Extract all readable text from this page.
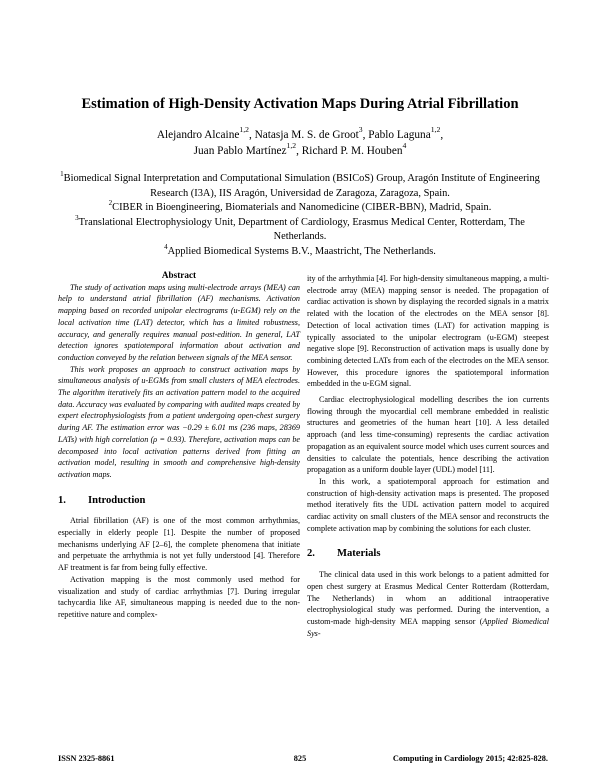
Estimation of High-Density Activation Maps During Atrial Fibrillation
Alejandro Alcaine$^{1,2}$, Natasja M. S. de Groot$^3$, Pablo Laguna$^{1,2}$,
Juan Pablo Martínez$^{1,2}$, Richard P. M. Houben$^4$
$^1$Biomedical Signal Interpretation and Computational Simulation (BSICoS) Group, Aragón Institute of Engineering Research (I3A), IIS Aragón, Universidad de Zaragoza, Zaragoza, Spain.
$^2$CIBER in Bioengineering, Biomaterials and Nanomedicine (CIBER-BBN), Madrid, Spain.
$^3$Translational Electrophysiology Unit, Department of Cardiology, Erasmus Medical Center, Rotterdam, The Netherlands.
$^4$Applied Biomedical Systems B.V., Maastricht, The Netherlands.

Abstract

The study of activation maps using multi-electrode arrays (MEA) can help to understand atrial fibrillation (AF) mechanisms. Activation mapping based on recorded unipolar electrograms (u-EGM) rely on the local activation time (LAT) detector, which has a limited robustness, accuracy, and generally requires manual post-edition. In general, LAT detection ignores spatiotemporal information about activation and conduction conveyed by the relation between signals of the MEA sensor.

This work proposes an approach to construct activation maps by simultaneous analysis of u-EGMs from small clusters of MEA electrodes. The algorithm iteratively fits an activation pattern model to the acquired data. Accuracy was evaluated by comparing with audited maps created by expert electrophysiologists from a patient undergoing open-chest surgery during AF. The estimation error was −0.29 ± 6.01 ms (236 maps, 28369 LATs) with high correlation (ρ = 0.93). Therefore, activation maps can be decomposed into local activation patterns derived from fitting an activation model, resulting in smooth and comprehensive high-density activation maps.

1. Introduction

Atrial fibrillation (AF) is one of the most common arrhythmias, especially in elderly people [1]. Despite the number of proposed mechanisms underlying AF [2–6], the complete phenomena that initiate and perpetuate the arrhythmia is not yet fully understood [4]. Therefore AF treatment is far from being fully effective.

Activation mapping is the most commonly used method for visualization and study of cardiac arrhythmias [7]. During irregular tachycardia like AF, simultaneous mapping is needed due to the non-repetitive nature and complex-

ity of the arrhythmia [4]. For high-density simultaneous mapping, a multi-electrode array (MEA) mapping sensor is needed. The propagation of cardiac activation is shown by displaying the recorded signals in a matrix related with the location of the electrodes on the MEA sensor [8]. Detection of local activation times (LAT) for activation mapping is typically associated to the unipolar electrogram (u-EGM) steepest negative slope [9]. Reconstruction of activation maps is usually done by combining detected LATs from each of the electrodes on the MEA sensor. However, this procedure ignores the spatiotemporal information embedded in the u-EGM signal.

Cardiac electrophysiological modelling describes the ion currents flowing through the myocardial cell membrane embedded in realistic structures and geometries of the human heart [10]. A less detailed approach (and less time-consuming) represents the cardiac activation propagation as an equivalent source model which uses current sources and densities to calculate the potentials, hence describing the activation propagation as a uniform double layer (UDL) model [11].

In this work, a spatiotemporal approach for estimation and construction of high-density activation maps is presented. The proposed method iteratively fits the UDL activation pattern model to acquired cardiac activity on small clusters of the MEA sensor and reconstructs the complete activation map by combining the solutions for each cluster.

2. Materials

The clinical data used in this work belongs to a patient admitted for open chest surgery at Erasmus Medical Center Rotterdam (Rotterdam, The Netherlands) in whom an additional intraoperative electrophysiological study was performed. During the intervention, a custom-made high-density MEA mapping sensor (Applied Biomedical Sys-

ISSN 2325-8861	825	Computing in Cardiology 2015; 42:825-828.
